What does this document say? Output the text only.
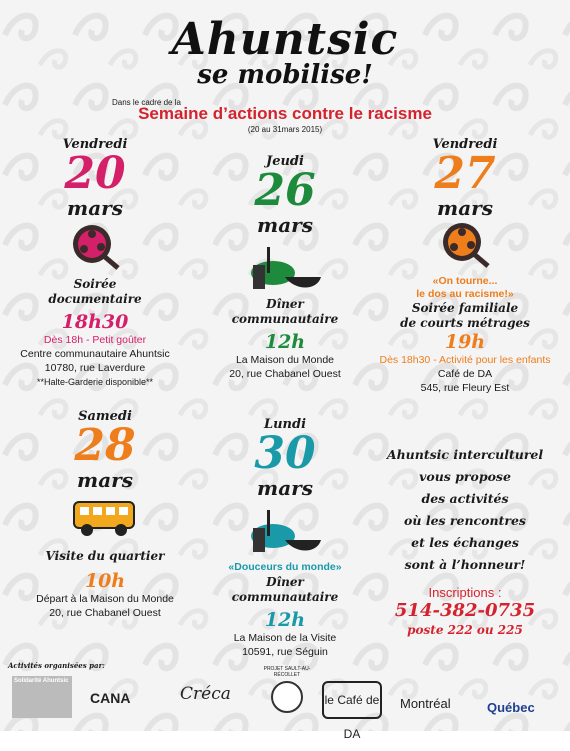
Ahuntsic
se mobilise!
Dans le cadre de la
Semaine d’actions contre le racisme
(20 au 31mars 2015)
Vendredi
20
mars
Soirée
documentaire
18h30
Dès 18h - Petit goûter
Centre communautaire Ahuntsic
10780, rue Laverdure
**Halte-Garderie disponible**
Jeudi
26
mars
Dîner
communautaire
12h
La Maison du Monde
20, rue Chabanel Ouest
Vendredi
27
mars
«On tourne...
le dos au racisme!»
Soirée familiale
de courts métrages
19h
Dès 18h30 - Activité pour les enfants
Café de DA
545, rue Fleury Est
Samedi
28
mars
Visite du quartier
10h
Départ à la Maison du Monde
20, rue Chabanel Ouest
Lundi
30
mars
«Douceurs du monde»
Dîner
communautaire
12h
La Maison de la Visite
10591, rue Séguin
Ahuntsic interculturel
vous propose
des activités
où les rencontres
et les échanges
sont à l’honneur!
Inscriptions :
514-382-0735
poste 222 ou 225
Activités organisées par:
Solidarité Ahuntsic
CANA	Créca
PROJET SAULT-AU-RÉCOLLET
le Café de DA
Montréal	Québec
